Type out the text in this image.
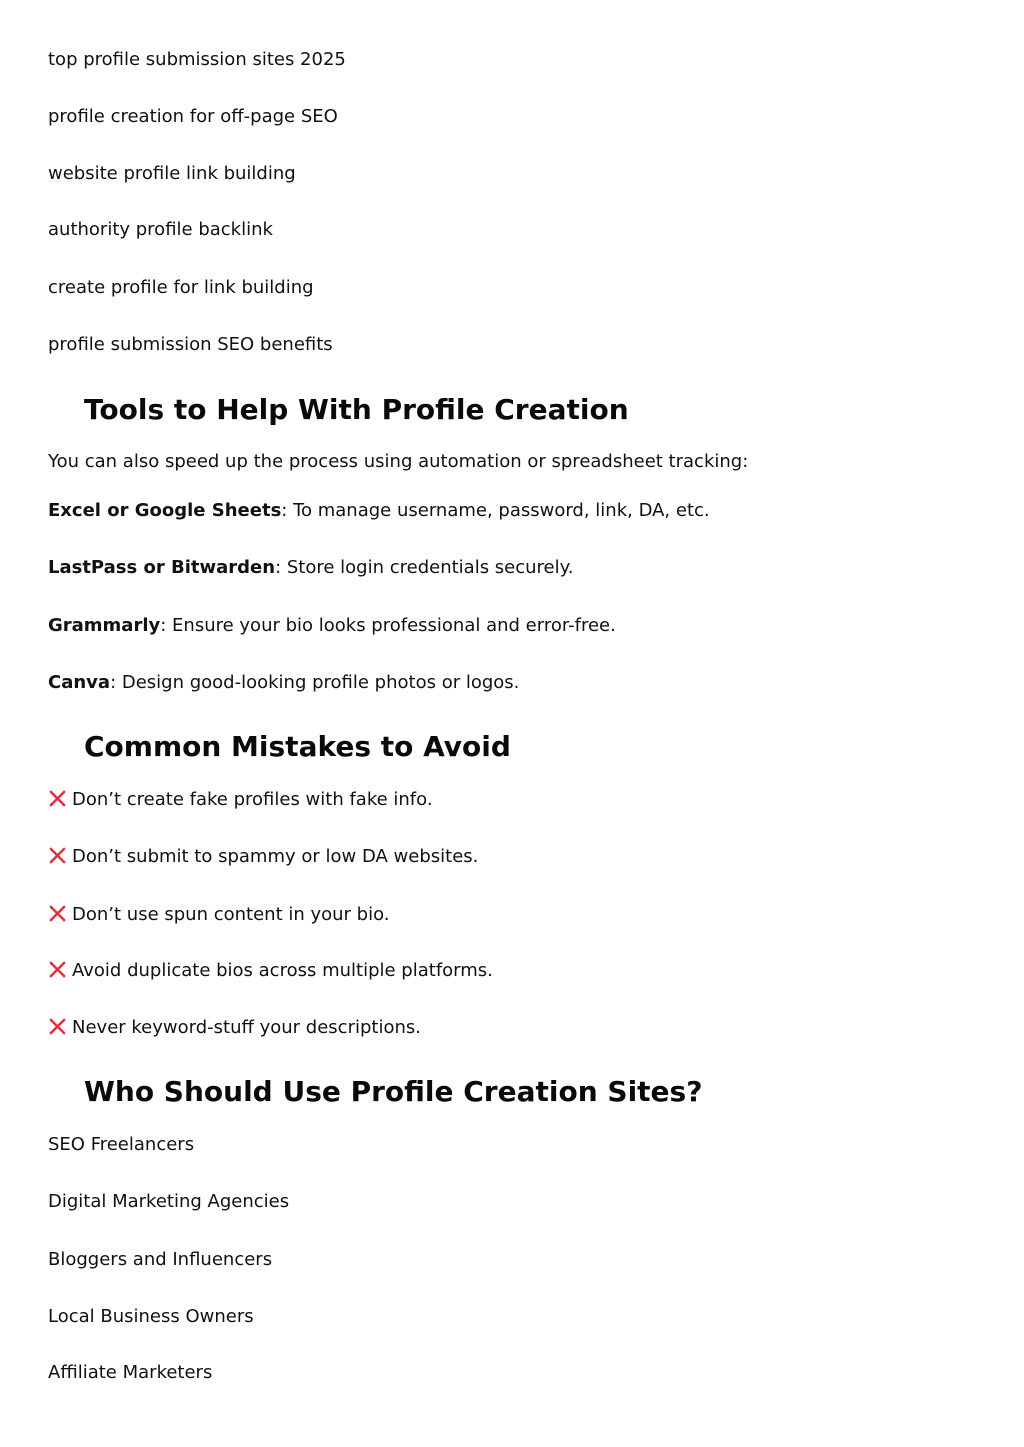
top profile submission sites 2025
profile creation for off-page SEO
website profile link building
authority profile backlink
create profile for link building
profile submission SEO benefits
Tools to Help With Profile Creation
You can also speed up the process using automation or spreadsheet tracking:
Excel or Google Sheets: To manage username, password, link, DA, etc.
LastPass or Bitwarden: Store login credentials securely.
Grammarly: Ensure your bio looks professional and error-free.
Canva: Design good-looking profile photos or logos.
Common Mistakes to Avoid
Don’t create fake profiles with fake info.
Don’t submit to spammy or low DA websites.
Don’t use spun content in your bio.
Avoid duplicate bios across multiple platforms.
Never keyword-stuff your descriptions.
Who Should Use Profile Creation Sites?
SEO Freelancers
Digital Marketing Agencies
Bloggers and Influencers
Local Business Owners
Affiliate Marketers
